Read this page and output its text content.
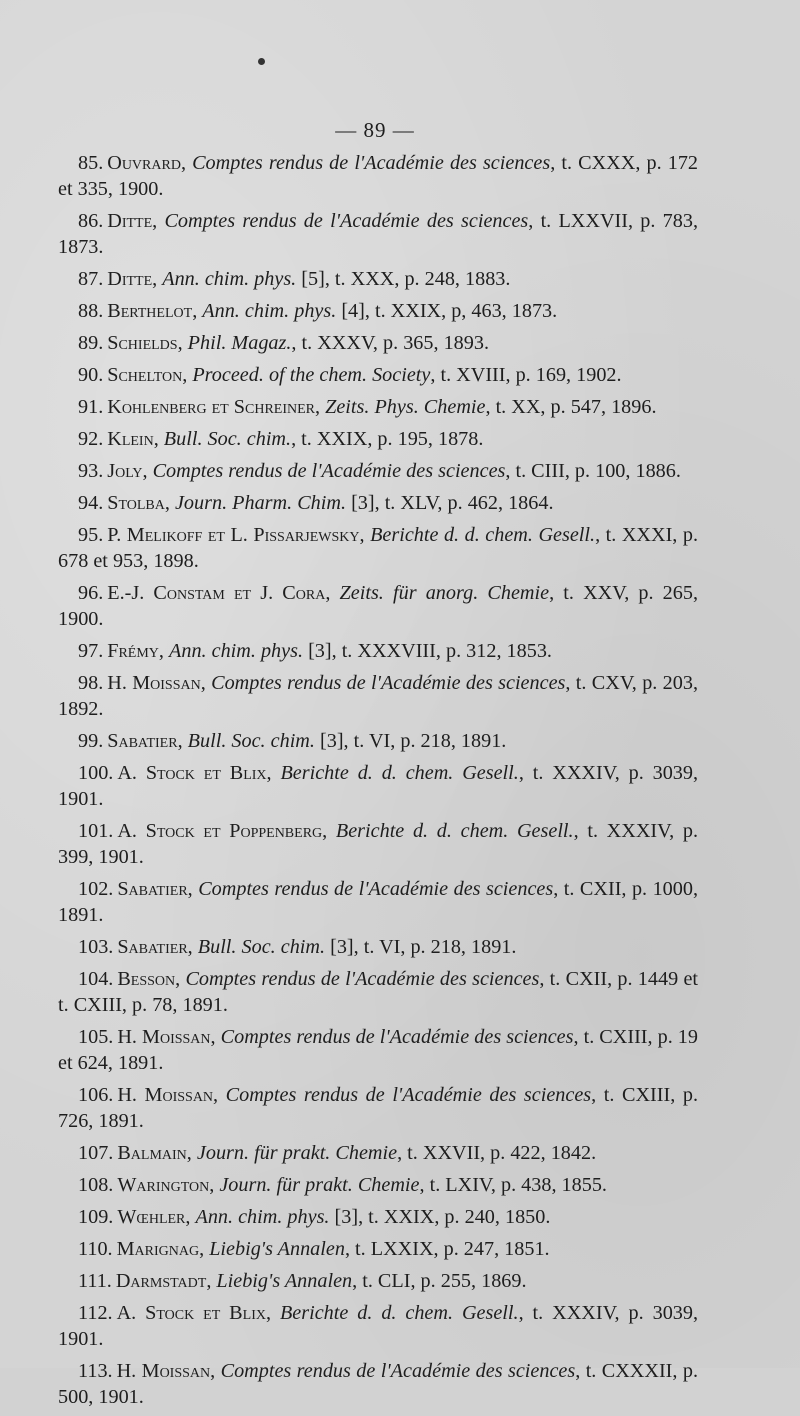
— 89 —
85. Ouvrard, Comptes rendus de l'Académie des sciences, t. CXXX, p. 172 et 335, 1900.
86. Ditte, Comptes rendus de l'Académie des sciences, t. LXXVII, p. 783, 1873.
87. Ditte, Ann. chim. phys. [5], t. XXX, p. 248, 1883.
88. Berthelot, Ann. chim. phys. [4], t. XXIX, p, 463, 1873.
89. Schields, Phil. Magaz., t. XXXV, p. 365, 1893.
90. Schelton, Proceed. of the chem. Society, t. XVIII, p. 169, 1902.
91. Kohlenberg et Schreiner, Zeits. Phys. Chemie, t. XX, p. 547, 1896.
92. Klein, Bull. Soc. chim., t. XXIX, p. 195, 1878.
93. Joly, Comptes rendus de l'Académie des sciences, t. CIII, p. 100, 1886.
94. Stolba, Journ. Pharm. Chim. [3], t. XLV, p. 462, 1864.
95. P. Melikoff et L. Pissarjewsky, Berichte d. d. chem. Gesell., t. XXXI, p. 678 et 953, 1898.
96. E.-J. Constam et J. Cora, Zeits. für anorg. Chemie, t. XXV, p. 265, 1900.
97. Frémy, Ann. chim. phys. [3], t. XXXVIII, p. 312, 1853.
98. H. Moissan, Comptes rendus de l'Académie des sciences, t. CXV, p. 203, 1892.
99. Sabatier, Bull. Soc. chim. [3], t. VI, p. 218, 1891.
100. A. Stock et Blix, Berichte d. d. chem. Gesell., t. XXXIV, p. 3039, 1901.
101. A. Stock et Poppenberg, Berichte d. d. chem. Gesell., t. XXXIV, p. 399, 1901.
102. Sabatier, Comptes rendus de l'Académie des sciences, t. CXII, p. 1000, 1891.
103. Sabatier, Bull. Soc. chim. [3], t. VI, p. 218, 1891.
104. Besson, Comptes rendus de l'Académie des sciences, t. CXII, p. 1449 et t. CXIII, p. 78, 1891.
105. H. Moissan, Comptes rendus de l'Académie des sciences, t. CXIII, p. 19 et 624, 1891.
106. H. Moissan, Comptes rendus de l'Académie des sciences, t. CXIII, p. 726, 1891.
107. Balmain, Journ. für prakt. Chemie, t. XXVII, p. 422, 1842.
108. Warington, Journ. für prakt. Chemie, t. LXIV, p. 438, 1855.
109. Wœhler, Ann. chim. phys. [3], t. XXIX, p. 240, 1850.
110. Marignag, Liebig's Annalen, t. LXXIX, p. 247, 1851.
111. Darmstadt, Liebig's Annalen, t. CLI, p. 255, 1869.
112. A. Stock et Blix, Berichte d. d. chem. Gesell., t. XXXIV, p. 3039, 1901.
113. H. Moissan, Comptes rendus de l'Académie des sciences, t. CXXXII, p. 500, 1901.
